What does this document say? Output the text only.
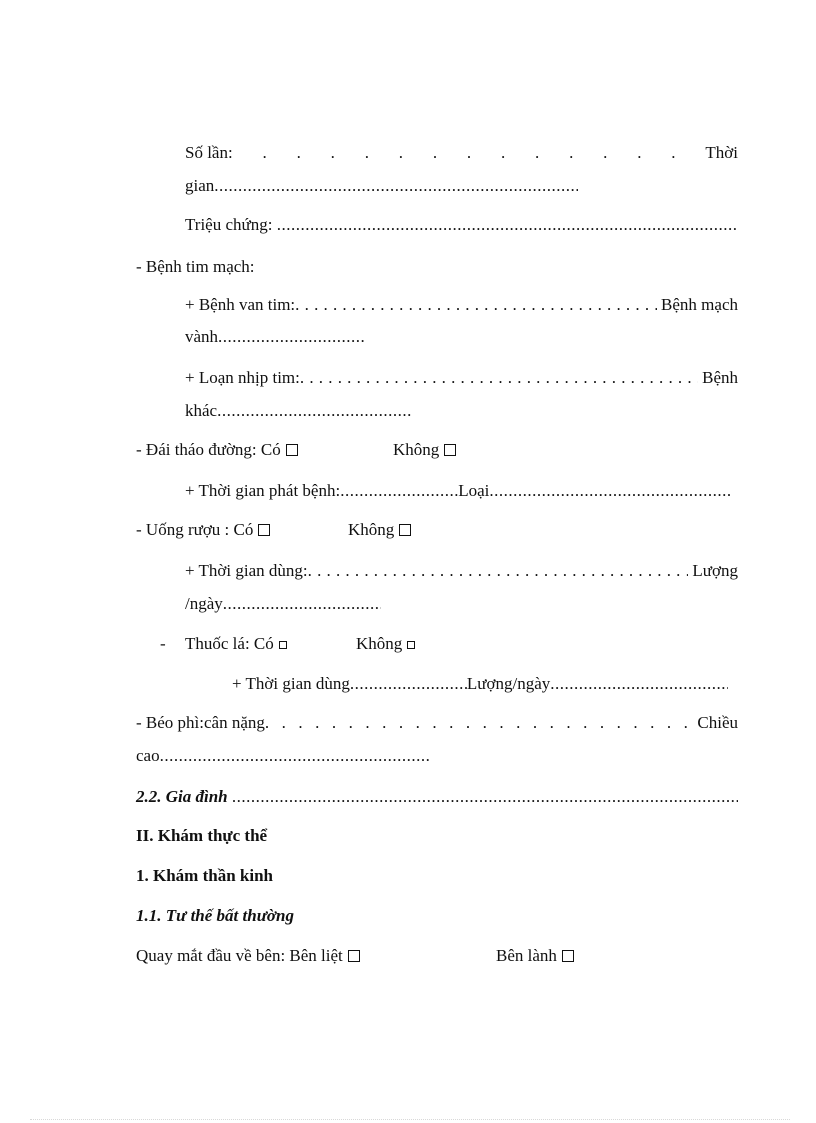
Số lần: . . . . . . . . . . . . . Thời
gian
.....
Triệu chứng:

.....
- Bệnh tim mạch:
+ Bệnh van tim: .....
	Bệnh mạch
vành
.....
+ Loạn nhịp tim: .....
	Bệnh
khác
.....
- Đái tháo đường: Có	Không
+ Thời gian phát bệnh: .....	Loại
.....
- Uống rượu : Có	Không
+ Thời gian dùng: .....
	Lượng
/ngày
.....
- Thuốc lá: Có	Không
+ Thời gian dùng .....	Lượng/ngày
.....
- Béo phì:cân nặng .....
	Chiều
cao
.....
2.2. Gia đình

.....
II. Khám thực thể
1. Khám thần kinh
1.1. Tư thế bất thường
Quay mắt đầu về bên: Bên liệt	Bên lành
